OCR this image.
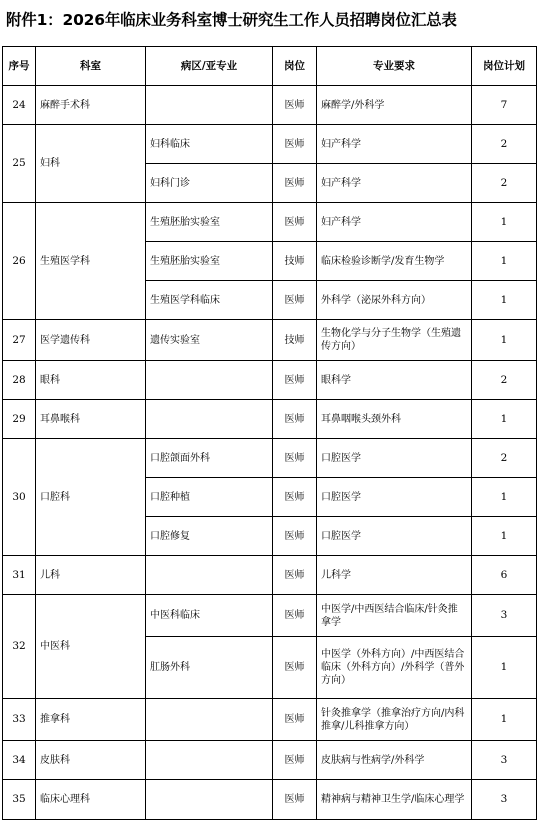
附件1：2026年临床业务科室博士研究生工作人员招聘岗位汇总表
序号	科室	病区/亚专业	岗位	专业要求	岗位计划
24	麻醉手术科		医师	麻醉学/外科学	7
25	妇科	妇科临床	医师	妇产科学	2
		妇科门诊	医师	妇产科学	2
26	生殖医学科	生殖胚胎实验室	医师	妇产科学	1
		生殖胚胎实验室	技师	临床检验诊断学/发育生物学	1
		生殖医学科临床	医师	外科学（泌尿外科方向）	1
27	医学遗传科	遗传实验室	技师	生物化学与分子生物学（生殖遗传方向）	1
28	眼科		医师	眼科学	2
29	耳鼻喉科		医师	耳鼻咽喉头颈外科	1
30	口腔科	口腔颌面外科	医师	口腔医学	2
		口腔种植	医师	口腔医学	1
		口腔修复	医师	口腔医学	1
31	儿科		医师	儿科学	6
32	中医科	中医科临床	医师	中医学/中西医结合临床/针灸推拿学	3
		肛肠外科	医师	中医学（外科方向）/中西医结合临床（外科方向）/外科学（普外方向）	1
33	推拿科		医师	针灸推拿学（推拿治疗方向/内科推拿/儿科推拿方向）	1
34	皮肤科		医师	皮肤病与性病学/外科学	3
35	临床心理科		医师	精神病与精神卫生学/临床心理学	3
